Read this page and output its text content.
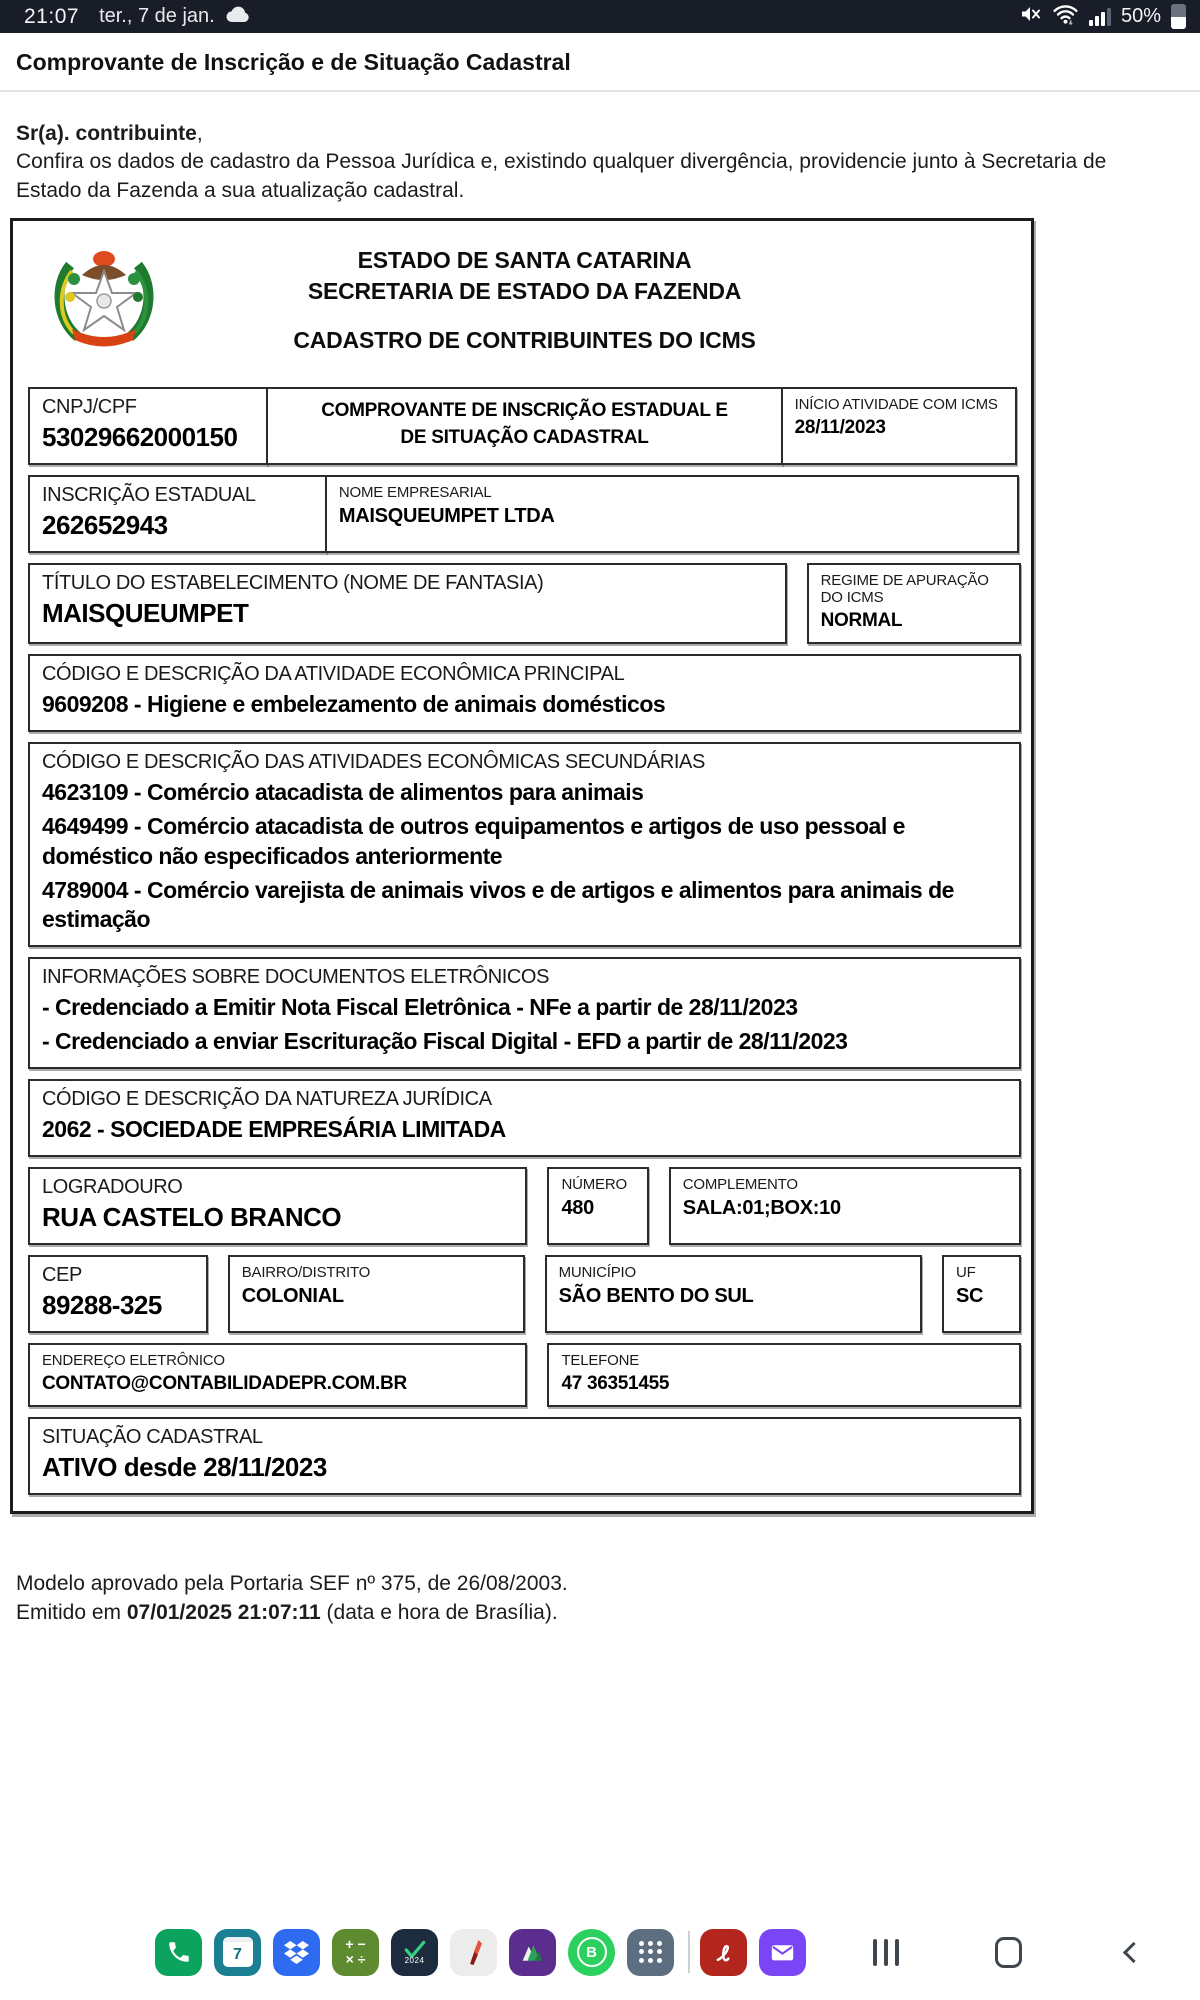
21:07 ter., 7 de jan.	50%
Comprovante de Inscrição e de Situação Cadastral
Sr(a). contribuinte,
Confira os dados de cadastro da Pessoa Jurídica e, existindo qualquer divergência, providencie junto à Secretaria de
Estado da Fazenda a sua atualização cadastral.
ESTADO DE SANTA CATARINA
SECRETARIA DE ESTADO DA FAZENDA
CADASTRO DE CONTRIBUINTES DO ICMS
CNPJ/CPF
53029662000150
COMPROVANTE DE INSCRIÇÃO ESTADUAL E
DE SITUAÇÃO CADASTRAL
INÍCIO ATIVIDADE COM ICMS
28/11/2023
INSCRIÇÃO ESTADUAL
262652943
NOME EMPRESARIAL
MAISQUEUMPET LTDA
TÍTULO DO ESTABELECIMENTO (NOME DE FANTASIA)
MAISQUEUMPET
REGIME DE APURAÇÃO DO ICMS
NORMAL
CÓDIGO E DESCRIÇÃO DA ATIVIDADE ECONÔMICA PRINCIPAL
9609208 - Higiene e embelezamento de animais domésticos
CÓDIGO E DESCRIÇÃO DAS ATIVIDADES ECONÔMICAS SECUNDÁRIAS
4623109 - Comércio atacadista de alimentos para animais
4649499 - Comércio atacadista de outros equipamentos e artigos de uso pessoal e doméstico não especificados anteriormente
4789004 - Comércio varejista de animais vivos e de artigos e alimentos para animais de estimação
INFORMAÇÕES SOBRE DOCUMENTOS ELETRÔNICOS
- Credenciado a Emitir Nota Fiscal Eletrônica - NFe a partir de 28/11/2023
- Credenciado a enviar Escrituração Fiscal Digital - EFD a partir de 28/11/2023
CÓDIGO E DESCRIÇÃO DA NATUREZA JURÍDICA
2062 - SOCIEDADE EMPRESÁRIA LIMITADA
LOGRADOURO
RUA CASTELO BRANCO
NÚMERO
480
COMPLEMENTO
SALA:01;BOX:10
CEP
89288-325
BAIRRO/DISTRITO
COLONIAL
MUNICÍPIO
SÃO BENTO DO SUL
UF
SC
ENDEREÇO ELETRÔNICO
CONTATO@CONTABILIDADEPR.COM.BR
TELEFONE
47 36351455
SITUAÇÃO CADASTRAL
ATIVO desde 28/11/2023
Modelo aprovado pela Portaria SEF nº 375, de 26/08/2003.
Emitido em 07/01/2025 21:07:11 (data e hora de Brasília).
7
+ −
× ÷	2024	B
